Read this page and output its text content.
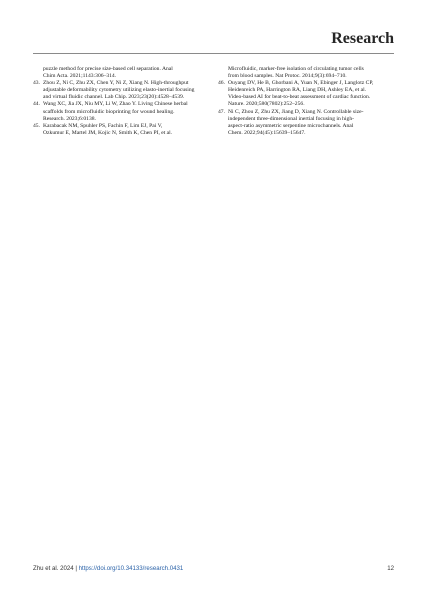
Research
puzzle method for precise size-based cell separation. Anal
Chim Acta. 2021;1143:306–314.
43. Zhou Z, Ni C, Zhu ZX, Chen Y, Ni Z, Xiang N. High-throughput
adjustable deformability cytometry utilizing elasto-inertial focusing
and virtual fluidic channel. Lab Chip. 2023;23(20):4528–4539.
44. Wang XC, Jia JX, Niu MY, Li W, Zhao Y. Living Chinese herbal
scaffolds from microfluidic bioprinting for wound healing.
Research. 2023;6:0138.
45. Karabacak NM, Spuhler PS, Fachin F, Lim EJ, Pai V,
Ozkumur E, Martel JM, Kojic N, Smith K, Chen PI, et al.
Microfluidic, marker-free isolation of circulating tumor cells
from blood samples. Nat Protoc. 2014;9(3):694–710.
46. Ouyang DV, He B, Ghorbani A, Yuan N, Ebinger J, Langlotz CP,
Heidenreich PA, Harrington RA, Liang DH, Ashley EA, et al.
Video-based AI for beat-to-beat assessment of cardiac function.
Nature. 2020;580(7802):252–256.
47. Ni C, Zhou Z, Zhu ZX, Jiang D, Xiang N. Controllable size-
independent three-dimensional inertial focusing in high-
aspect-ratio asymmetric serpentine microchannels. Anal
Chem. 2022;94(45):15639–15647.
Zhu et al. 2024 | https://doi.org/10.34133/research.0431	12
